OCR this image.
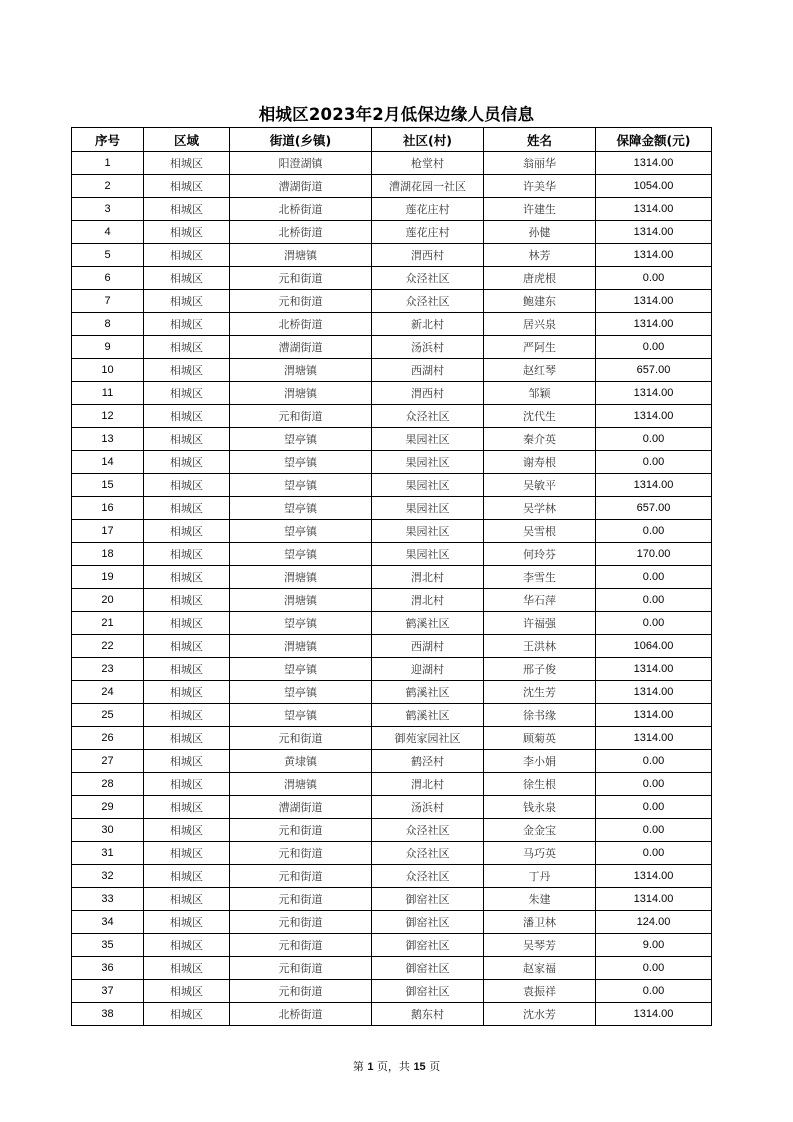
相城区2023年2月低保边缘人员信息
序号	区域	街道(乡镇)	社区(村)	姓名	保障金额(元)
1	相城区	阳澄湖镇	枪堂村	翁丽华	1314.00
2	相城区	漕湖街道	漕湖花园一社区	许美华	1054.00
3	相城区	北桥街道	莲花庄村	许建生	1314.00
4	相城区	北桥街道	莲花庄村	孙健	1314.00
5	相城区	渭塘镇	渭西村	林芳	1314.00
6	相城区	元和街道	众泾社区	唐虎根	0.00
7	相城区	元和街道	众泾社区	鲍建东	1314.00
8	相城区	北桥街道	新北村	居兴泉	1314.00
9	相城区	漕湖街道	汤浜村	严阿生	0.00
10	相城区	渭塘镇	西湖村	赵红琴	657.00
11	相城区	渭塘镇	渭西村	邹颖	1314.00
12	相城区	元和街道	众泾社区	沈代生	1314.00
13	相城区	望亭镇	果园社区	秦介英	0.00
14	相城区	望亭镇	果园社区	谢寿根	0.00
15	相城区	望亭镇	果园社区	吴敏平	1314.00
16	相城区	望亭镇	果园社区	吴学林	657.00
17	相城区	望亭镇	果园社区	吴雪根	0.00
18	相城区	望亭镇	果园社区	何玲芬	170.00
19	相城区	渭塘镇	渭北村	李雪生	0.00
20	相城区	渭塘镇	渭北村	华石萍	0.00
21	相城区	望亭镇	鹤溪社区	许福强	0.00
22	相城区	渭塘镇	西湖村	王洪林	1064.00
23	相城区	望亭镇	迎湖村	邢子俊	1314.00
24	相城区	望亭镇	鹤溪社区	沈生芳	1314.00
25	相城区	望亭镇	鹤溪社区	徐书缘	1314.00
26	相城区	元和街道	御苑家园社区	顾菊英	1314.00
27	相城区	黄埭镇	鹤泾村	李小娟	0.00
28	相城区	渭塘镇	渭北村	徐生根	0.00
29	相城区	漕湖街道	汤浜村	钱永泉	0.00
30	相城区	元和街道	众泾社区	金金宝	0.00
31	相城区	元和街道	众泾社区	马巧英	0.00
32	相城区	元和街道	众泾社区	丁丹	1314.00
33	相城区	元和街道	御窑社区	朱建	1314.00
34	相城区	元和街道	御窑社区	潘卫林	124.00
35	相城区	元和街道	御窑社区	吴琴芳	9.00
36	相城区	元和街道	御窑社区	赵家福	0.00
37	相城区	元和街道	御窑社区	袁振祥	0.00
38	相城区	北桥街道	鹅东村	沈水芳	1314.00
第 1 页，共 15 页
